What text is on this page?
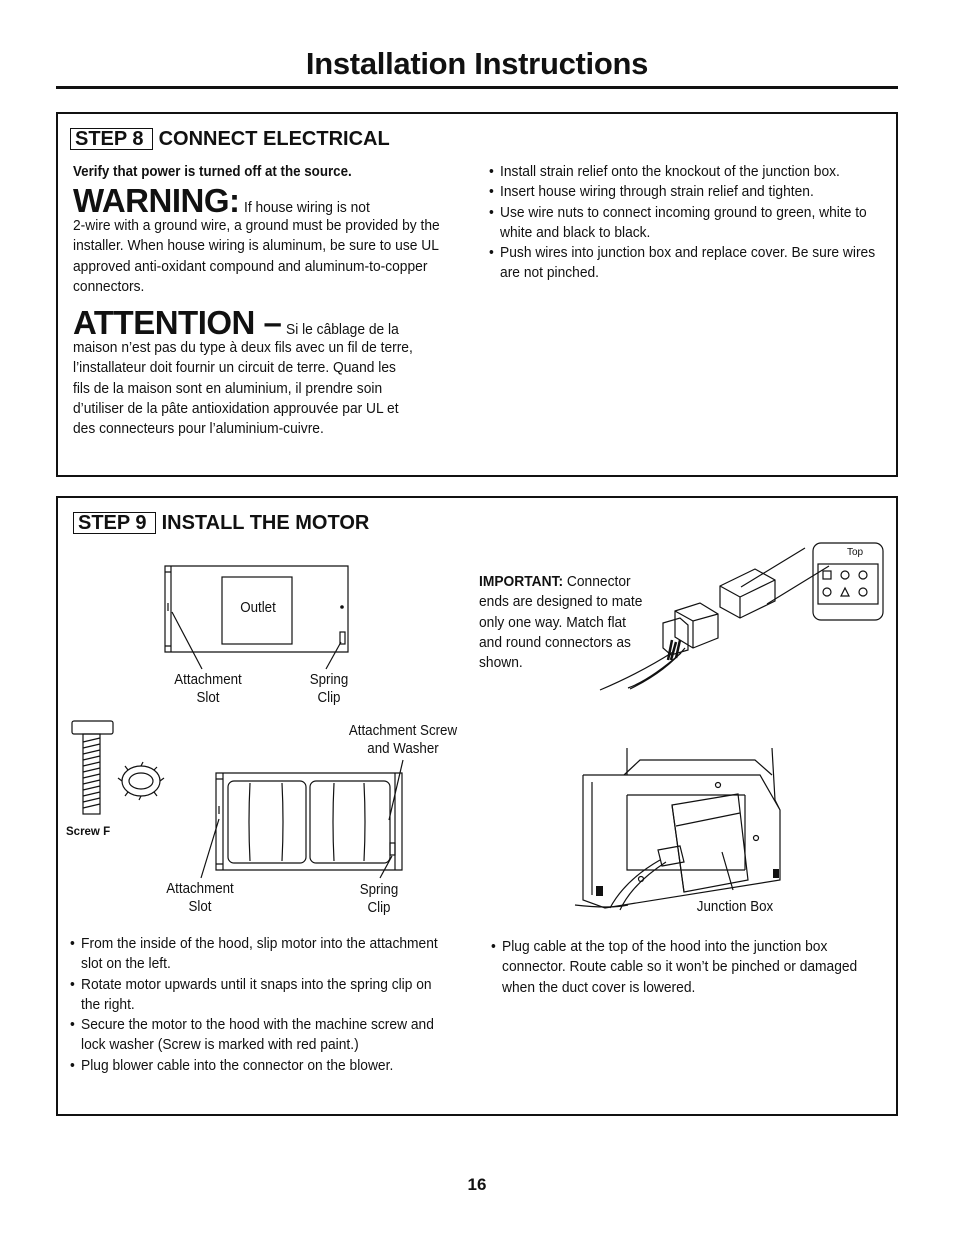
Installation Instructions
STEP 8 CONNECT ELECTRICAL
Verify that power is turned off at the source.
WARNING: If house wiring is not
2-wire with a ground wire, a ground must be provided by the installer. When house wiring is aluminum, be sure to use UL approved anti-oxidant compound and aluminum-to-copper connectors.
ATTENTION – Si le câblage de la
maison n’est pas du type à deux fils avec un fil de terre, l’installateur doit fournir un circuit de terre. Quand les fils de la maison sont en aluminium, il prendre soin d’utiliser de la pâte antioxidation approuvée par UL et des connecteurs pour l’aluminium-cuivre.
• Install strain relief onto the knockout of the junction box.
• Insert house wiring through strain relief and tighten.
• Use wire nuts to connect incoming ground to green, white to white and black to black.
• Push wires into junction box and replace cover. Be sure wires are not pinched.
STEP 9 INSTALL THE MOTOR
Outlet
Attachment Slot
Spring Clip
Screw F
Attachment Screw and Washer
Attachment Slot
Spring Clip
Top
Junction Box
IMPORTANT: Connector ends are designed to mate only one way. Match flat and round connectors as shown.
• From the inside of the hood, slip motor into the attachment slot on the left.
• Rotate motor upwards until it snaps into the spring clip on the right.
• Secure the motor to the hood with the machine screw and lock washer (Screw is marked with red paint.)
• Plug blower cable into the connector on the blower.
• Plug cable at the top of the hood into the junction box connector. Route cable so it won’t be pinched or damaged when the duct cover is lowered.
16
